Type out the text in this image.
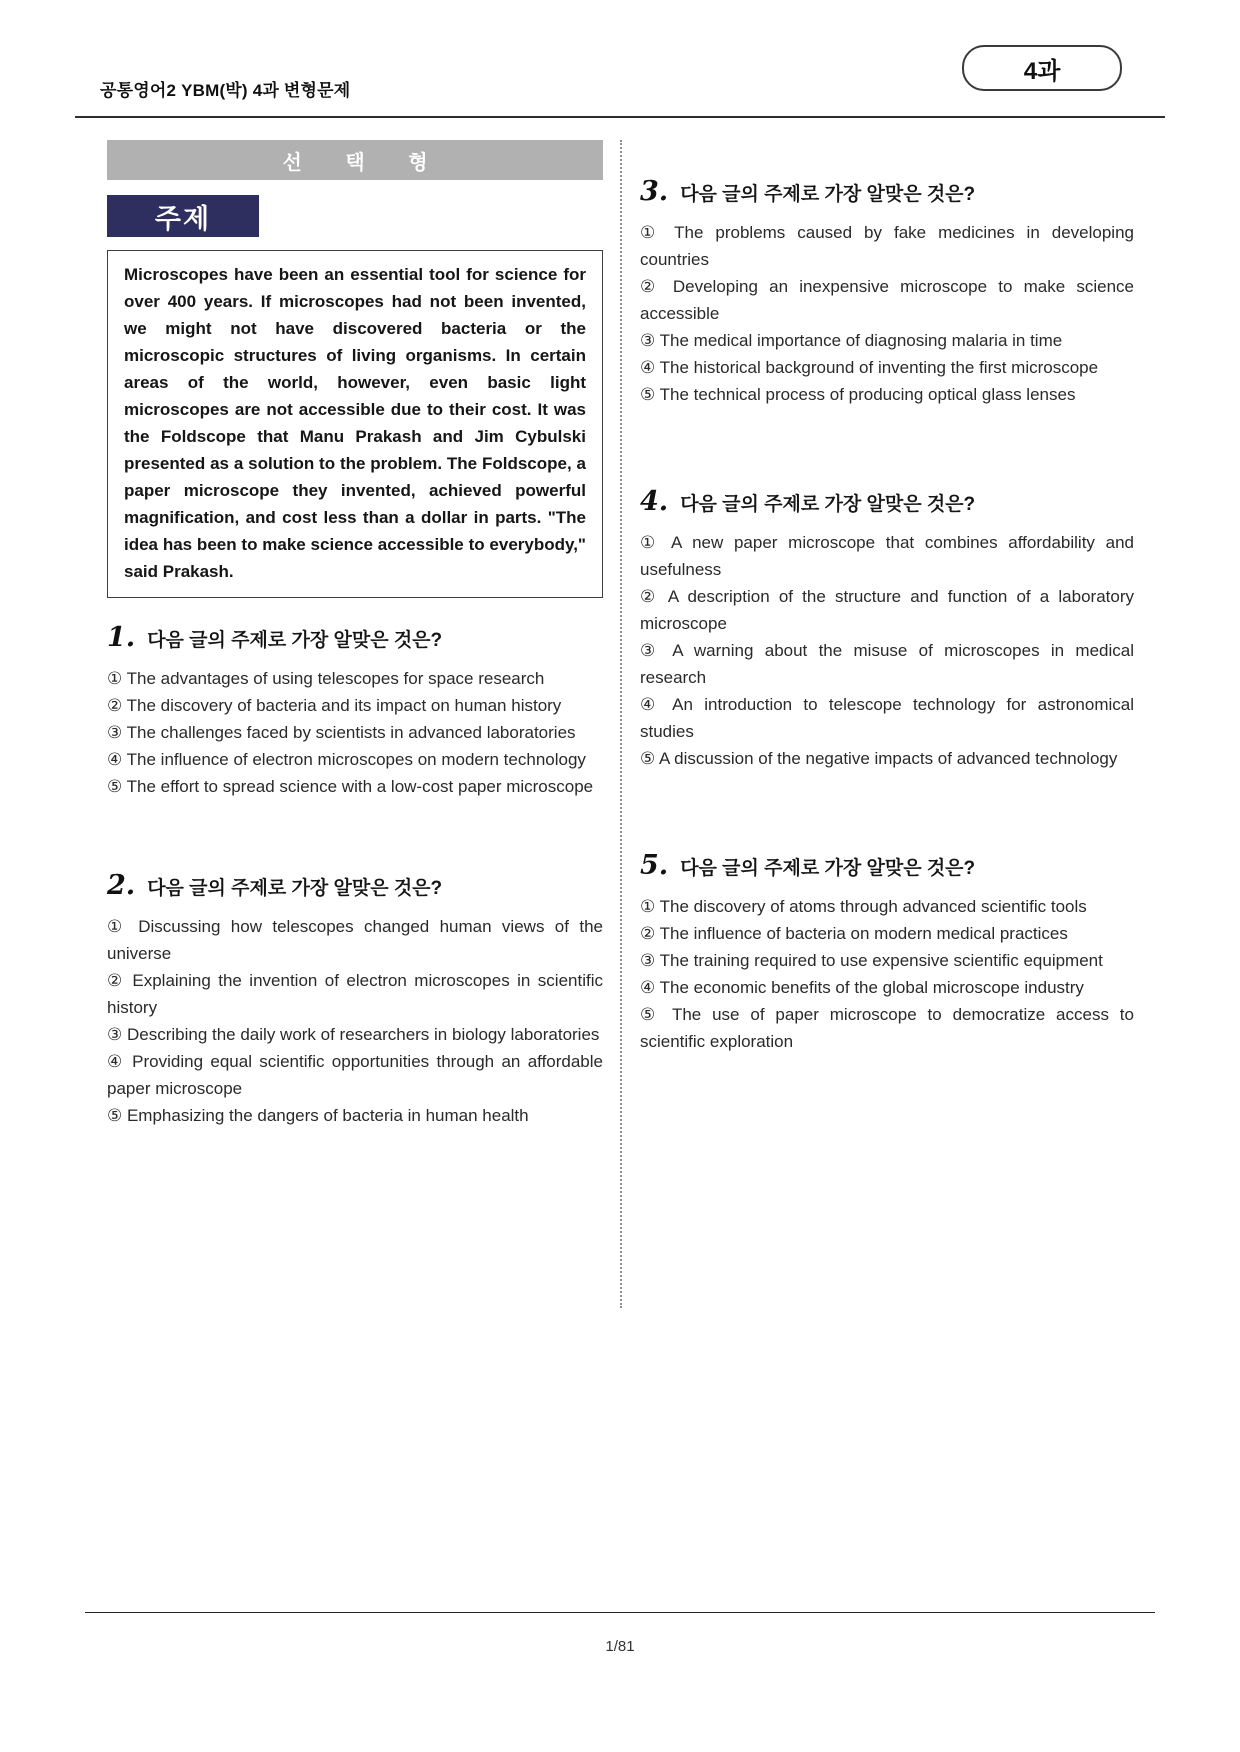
공통영어2 YBM(박) 4과 변형문제
4과
선 택 형
주제
Microscopes have been an essential tool for science for over 400 years. If microscopes had not been invented, we might not have discovered bacteria or the microscopic structures of living organisms. In certain areas of the world, however, even basic light microscopes are not accessible due to their cost. It was the Foldscope that Manu Prakash and Jim Cybulski presented as a solution to the problem. The Foldscope, a paper microscope they invented, achieved powerful magnification, and cost less than a dollar in parts. "The idea has been to make science accessible to everybody," said Prakash.
1. 다음 글의 주제로 가장 알맞은 것은?

① The advantages of using telescopes for space research

② The discovery of bacteria and its impact on human history

③ The challenges faced by scientists in advanced laboratories

④ The influence of electron microscopes on modern technology

⑤ The effort to spread science with a low-cost paper microscope

2. 다음 글의 주제로 가장 알맞은 것은?

① Discussing how telescopes changed human views of the universe

② Explaining the invention of electron microscopes in scientific history

③ Describing the daily work of researchers in biology laboratories

④ Providing equal scientific opportunities through an affordable paper microscope

⑤ Emphasizing the dangers of bacteria in human health

3. 다음 글의 주제로 가장 알맞은 것은?

① The problems caused by fake medicines in developing countries

② Developing an inexpensive microscope to make science accessible

③ The medical importance of diagnosing malaria in time

④ The historical background of inventing the first microscope

⑤ The technical process of producing optical glass lenses

4. 다음 글의 주제로 가장 알맞은 것은?

① A new paper microscope that combines affordability and usefulness

② A description of the structure and function of a laboratory microscope

③ A warning about the misuse of microscopes in medical research

④ An introduction to telescope technology for astronomical studies

⑤ A discussion of the negative impacts of advanced technology

5. 다음 글의 주제로 가장 알맞은 것은?

① The discovery of atoms through advanced scientific tools

② The influence of bacteria on modern medical practices

③ The training required to use expensive scientific equipment

④ The economic benefits of the global microscope industry

⑤ The use of paper microscope to democratize access to scientific exploration

1/81
